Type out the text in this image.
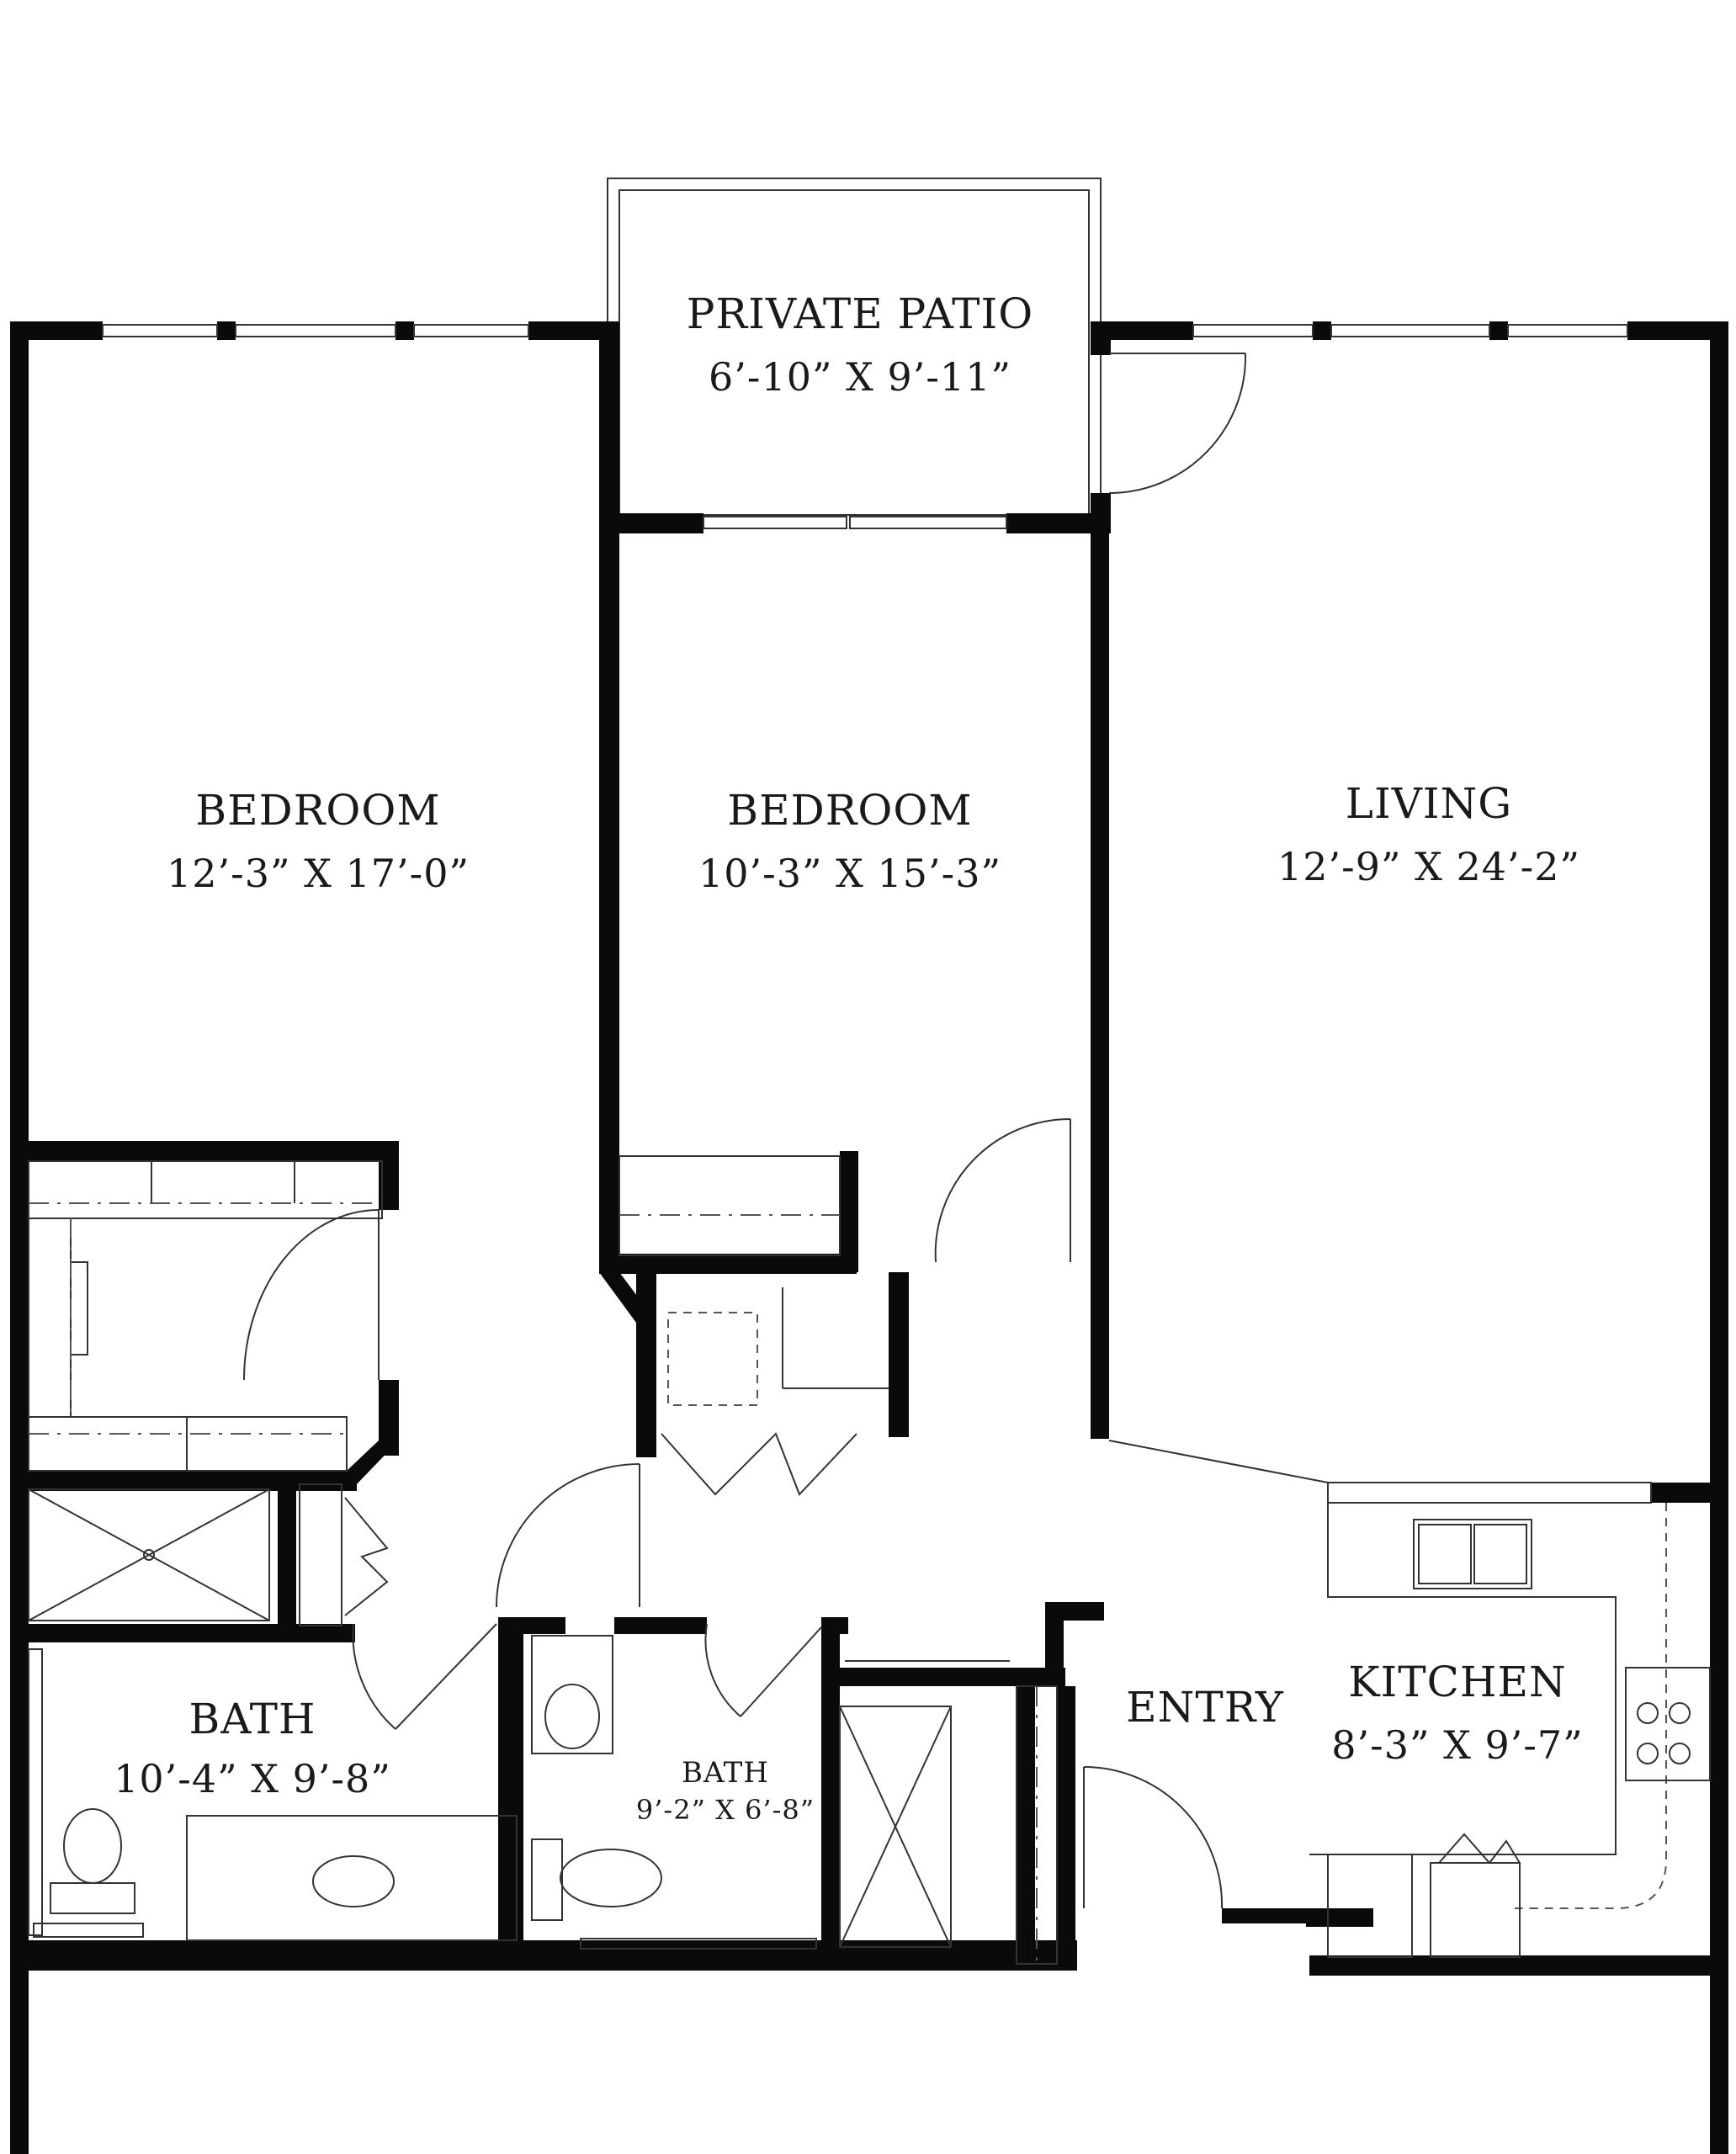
PRIVATE PATIO
6’-10” X 9’-11”
BEDROOM
12’-3” X 17’-0”
BEDROOM
10’-3” X 15’-3”
LIVING
12’-9” X 24’-2”
BATH
10’-4” X 9’-8”	BATH
9’-2” X 6’-8”
ENTRY
KITCHEN
8’-3” X 9’-7”
